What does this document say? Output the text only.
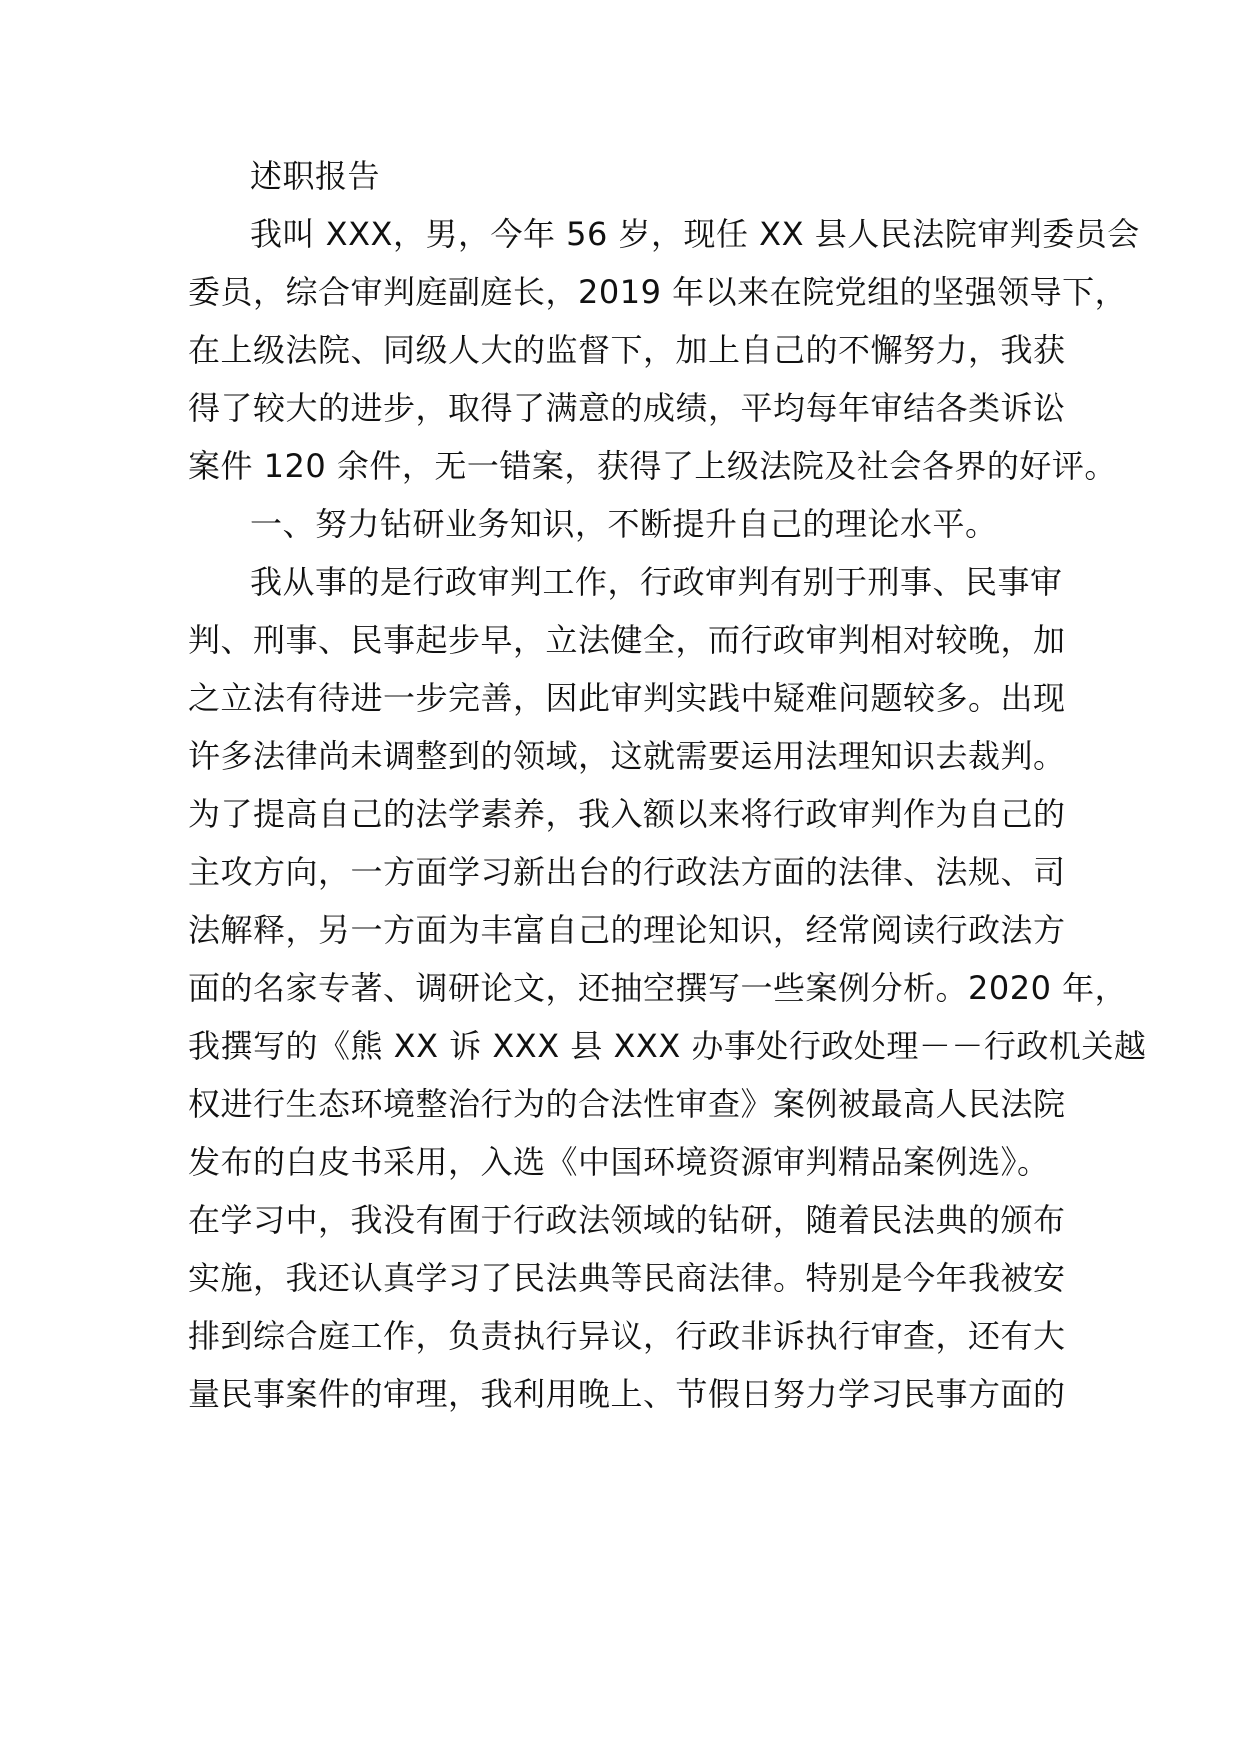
述职报告
我叫 XXX，男，今年 56 岁，现任 XX 县人民法院审判委员会
委员，综合审判庭副庭长，2019 年以来在院党组的坚强领导下，
在上级法院、同级人大的监督下，加上自己的不懈努力，我获
得了较大的进步，取得了满意的成绩，平均每年审结各类诉讼
案件 120 余件，无一错案，获得了上级法院及社会各界的好评。
一、努力钻研业务知识，不断提升自己的理论水平。
我从事的是行政审判工作，行政审判有别于刑事、民事审
判、刑事、民事起步早，立法健全，而行政审判相对较晚，加
之立法有待进一步完善，因此审判实践中疑难问题较多。出现
许多法律尚未调整到的领域，这就需要运用法理知识去裁判。
为了提高自己的法学素养，我入额以来将行政审判作为自己的
主攻方向，一方面学习新出台的行政法方面的法律、法规、司
法解释，另一方面为丰富自己的理论知识，经常阅读行政法方
面的名家专著、调研论文，还抽空撰写一些案例分析。2020 年，
我撰写的《熊 XX 诉 XXX 县 XXX 办事处行政处理－－行政机关越
权进行生态环境整治行为的合法性审查》案例被最高人民法院
发布的白皮书采用，入选《中国环境资源审判精品案例选》。
在学习中，我没有囿于行政法领域的钻研，随着民法典的颁布
实施，我还认真学习了民法典等民商法律。特别是今年我被安
排到综合庭工作，负责执行异议，行政非诉执行审查，还有大
量民事案件的审理，我利用晚上、节假日努力学习民事方面的
